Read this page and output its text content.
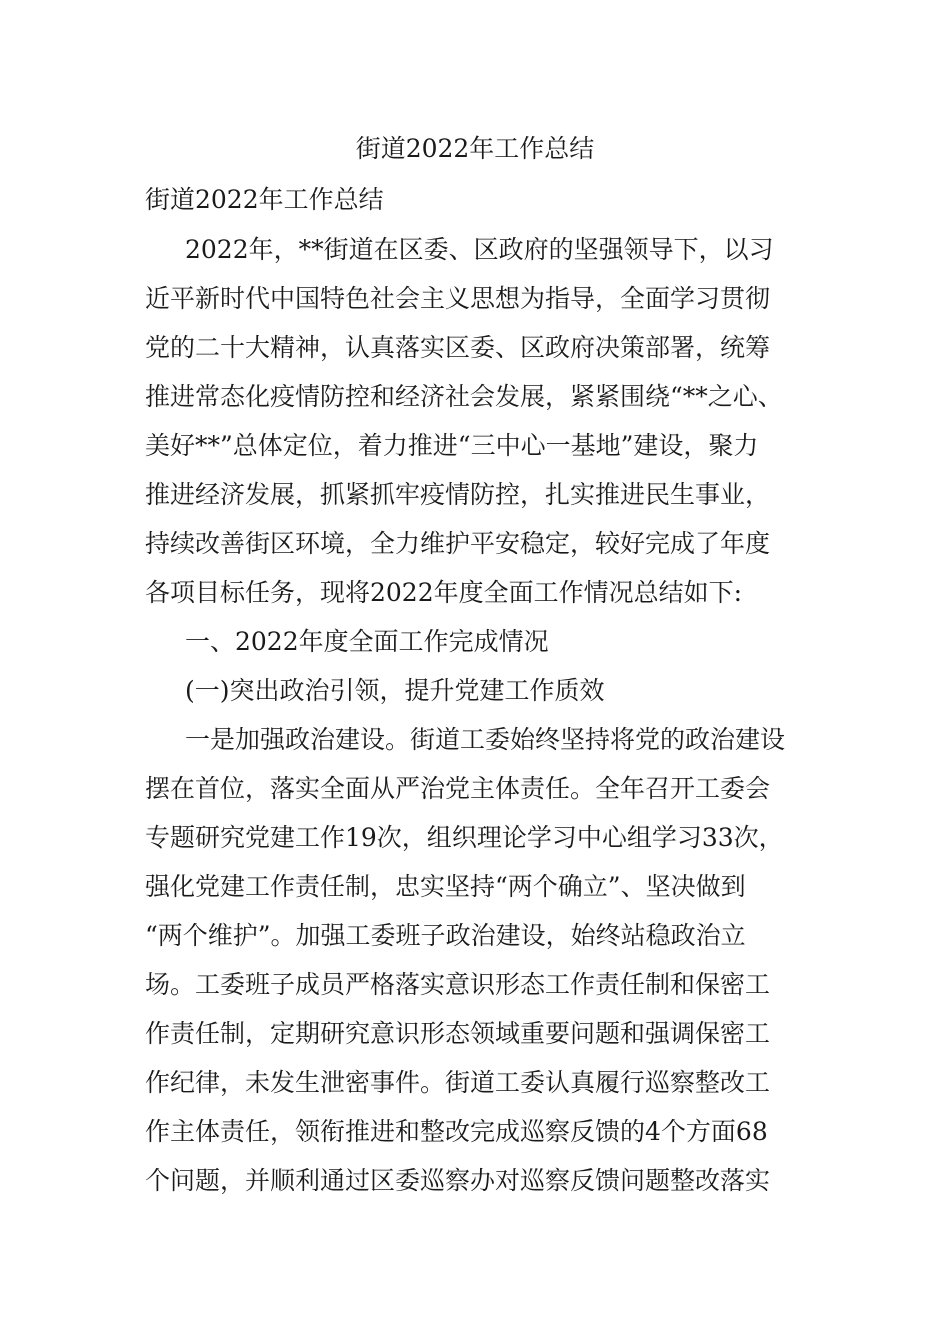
街道2022年工作总结
街道2022年工作总结
2022年，**街道在区委、区政府的坚强领导下，以习
近平新时代中国特色社会主义思想为指导，全面学习贯彻
党的二十大精神，认真落实区委、区政府决策部署，统筹
推进常态化疫情防控和经济社会发展，紧紧围绕“**之心、
美好**”总体定位，着力推进“三中心一基地”建设，聚力
推进经济发展，抓紧抓牢疫情防控，扎实推进民生事业，
持续改善街区环境，全力维护平安稳定，较好完成了年度
各项目标任务，现将2022年度全面工作情况总结如下:
一、2022年度全面工作完成情况
(一)突出政治引领，提升党建工作质效
一是加强政治建设。街道工委始终坚持将党的政治建设
摆在首位，落实全面从严治党主体责任。全年召开工委会
专题研究党建工作19次，组织理论学习中心组学习33次，
强化党建工作责任制，忠实坚持“两个确立”、坚决做到
“两个维护”。加强工委班子政治建设，始终站稳政治立
场。工委班子成员严格落实意识形态工作责任制和保密工
作责任制，定期研究意识形态领域重要问题和强调保密工
作纪律，未发生泄密事件。街道工委认真履行巡察整改工
作主体责任，领衔推进和整改完成巡察反馈的4个方面68
个问题，并顺利通过区委巡察办对巡察反馈问题整改落实
